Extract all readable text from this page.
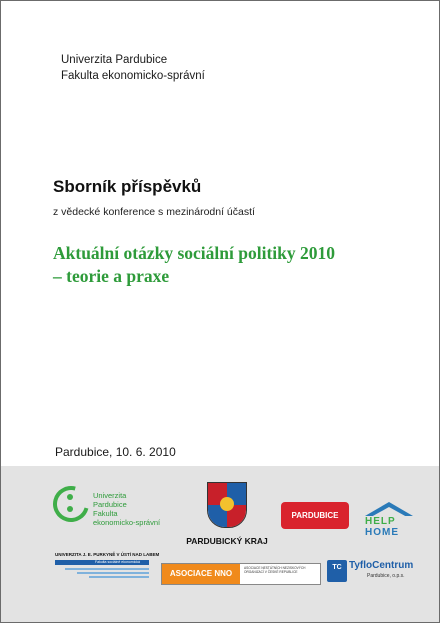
Univerzita Pardubice
Fakulta ekonomicko-správní
Sborník příspěvků
z vědecké konference s mezinárodní účastí
Aktuální otázky sociální politiky 2010
– teorie a praxe
Pardubice, 10. 6. 2010
Univerzita
Pardubice
Fakulta
ekonomicko-správní
PARDUBICKÝ KRAJ
PARDUBICE
HELP
HOME
UNIVERZITA J. E. PURKYNĚ V ÚSTÍ NAD LABEM
Fakulta sociálně ekonomická
ASOCIACE NNO
ASOCIACE NESTÁTNÍCH NEZISKOVÝCH ORGANIZACÍ V ČESKÉ REPUBLICE
TC TyfloCentrum
Pardubice, o.p.s.
